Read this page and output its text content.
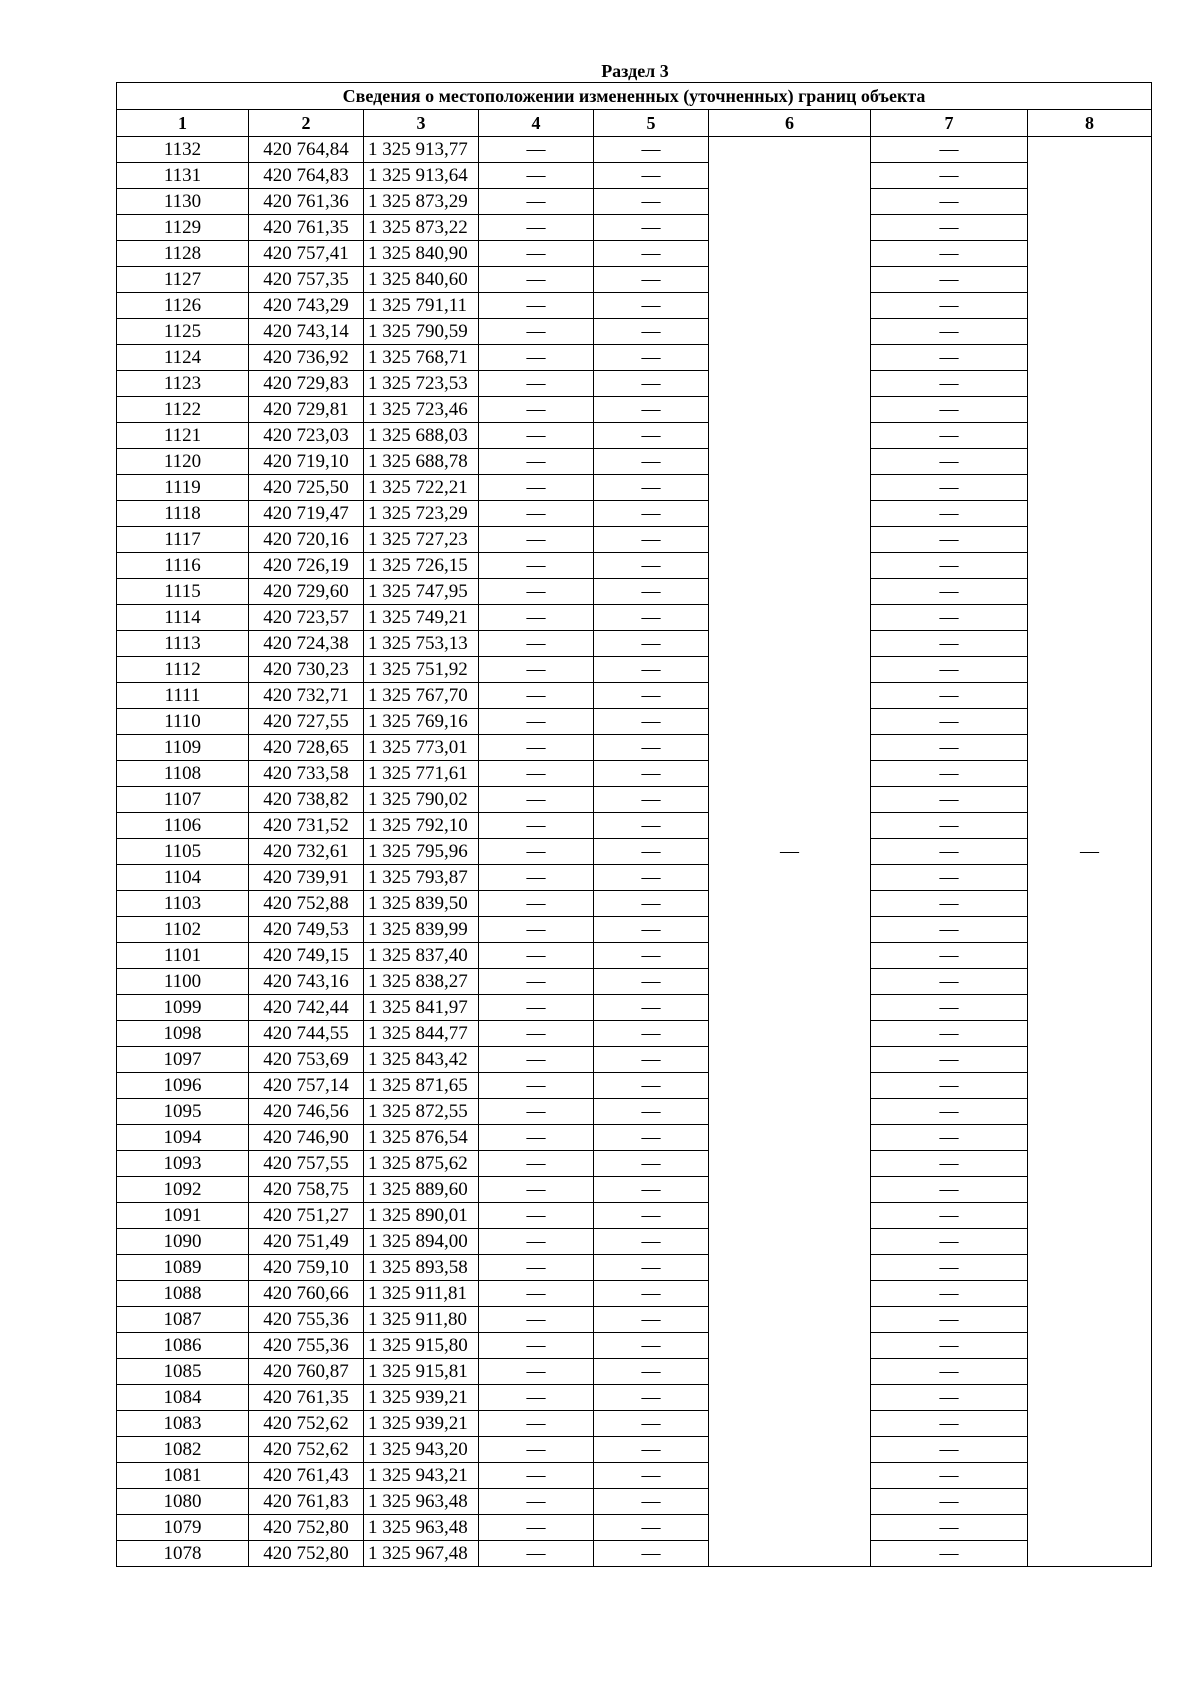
Раздел 3
Сведения о местоположении измененных (уточненных) границ объекта							
1	2	3	4	5	6	7	8
1132	420 764,84	1 325 913,77	—	—	—	—	—
1131	420 764,83	1 325 913,64	—	—		—	
1130	420 761,36	1 325 873,29	—	—		—	
1129	420 761,35	1 325 873,22	—	—		—	
1128	420 757,41	1 325 840,90	—	—		—	
1127	420 757,35	1 325 840,60	—	—		—	
1126	420 743,29	1 325 791,11	—	—		—	
1125	420 743,14	1 325 790,59	—	—		—	
1124	420 736,92	1 325 768,71	—	—		—	
1123	420 729,83	1 325 723,53	—	—		—	
1122	420 729,81	1 325 723,46	—	—		—	
1121	420 723,03	1 325 688,03	—	—		—	
1120	420 719,10	1 325 688,78	—	—		—	
1119	420 725,50	1 325 722,21	—	—		—	
1118	420 719,47	1 325 723,29	—	—		—	
1117	420 720,16	1 325 727,23	—	—		—	
1116	420 726,19	1 325 726,15	—	—		—	
1115	420 729,60	1 325 747,95	—	—		—	
1114	420 723,57	1 325 749,21	—	—		—	
1113	420 724,38	1 325 753,13	—	—		—	
1112	420 730,23	1 325 751,92	—	—		—	
1111	420 732,71	1 325 767,70	—	—		—	
1110	420 727,55	1 325 769,16	—	—		—	
1109	420 728,65	1 325 773,01	—	—		—	
1108	420 733,58	1 325 771,61	—	—		—	
1107	420 738,82	1 325 790,02	—	—		—	
1106	420 731,52	1 325 792,10	—	—		—	
1105	420 732,61	1 325 795,96	—	—		—	
1104	420 739,91	1 325 793,87	—	—		—	
1103	420 752,88	1 325 839,50	—	—		—	
1102	420 749,53	1 325 839,99	—	—		—	
1101	420 749,15	1 325 837,40	—	—		—	
1100	420 743,16	1 325 838,27	—	—		—	
1099	420 742,44	1 325 841,97	—	—		—	
1098	420 744,55	1 325 844,77	—	—		—	
1097	420 753,69	1 325 843,42	—	—		—	
1096	420 757,14	1 325 871,65	—	—		—	
1095	420 746,56	1 325 872,55	—	—		—	
1094	420 746,90	1 325 876,54	—	—		—	
1093	420 757,55	1 325 875,62	—	—		—	
1092	420 758,75	1 325 889,60	—	—		—	
1091	420 751,27	1 325 890,01	—	—		—	
1090	420 751,49	1 325 894,00	—	—		—	
1089	420 759,10	1 325 893,58	—	—		—	
1088	420 760,66	1 325 911,81	—	—		—	
1087	420 755,36	1 325 911,80	—	—		—	
1086	420 755,36	1 325 915,80	—	—		—	
1085	420 760,87	1 325 915,81	—	—		—	
1084	420 761,35	1 325 939,21	—	—		—	
1083	420 752,62	1 325 939,21	—	—		—	
1082	420 752,62	1 325 943,20	—	—		—	
1081	420 761,43	1 325 943,21	—	—		—	
1080	420 761,83	1 325 963,48	—	—		—	
1079	420 752,80	1 325 963,48	—	—		—	
1078	420 752,80	1 325 967,48	—	—		—	
